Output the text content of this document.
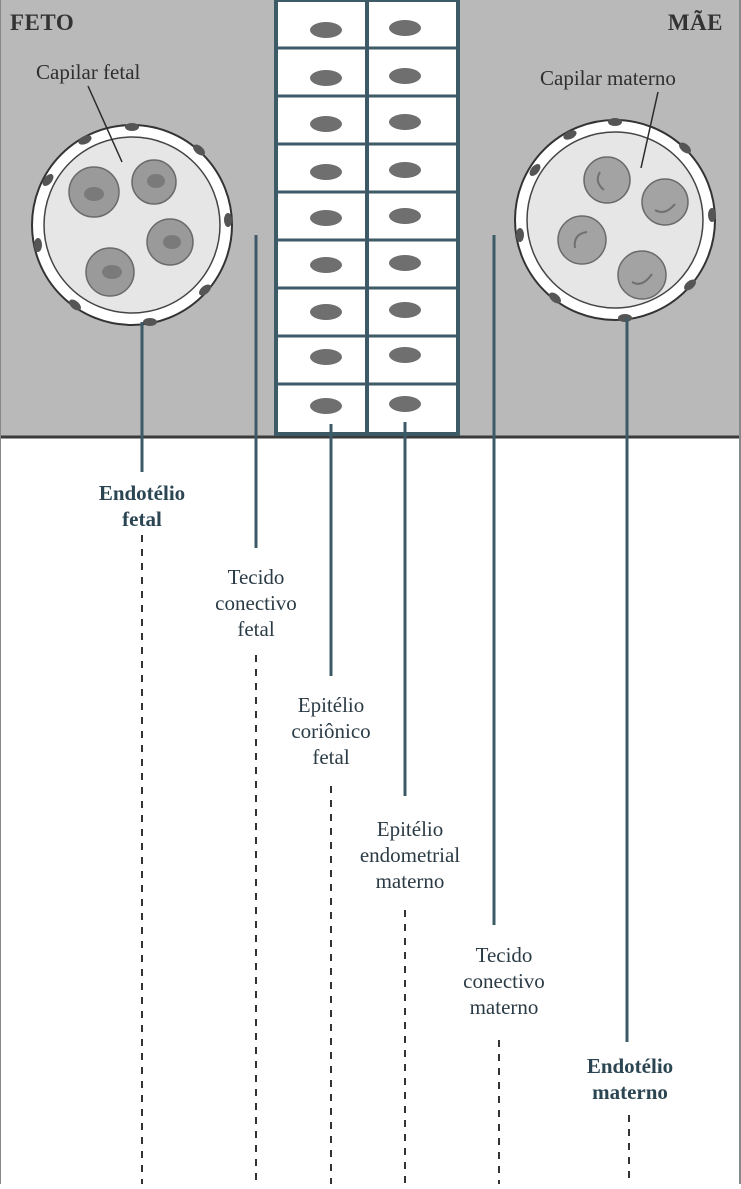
FETO	MÃE
Capilar fetal	Capilar materno
Endotélio
fetal
Tecido
conectivo
fetal
Epitélio
coriônico
fetal
Epitélio
endometrial
materno
Tecido
conectivo
materno
Endotélio
materno
